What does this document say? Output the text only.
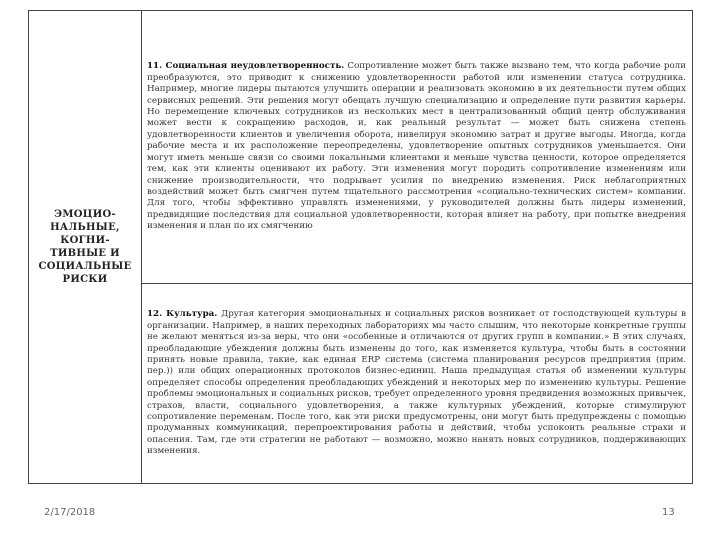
ЭМОЦИО-
НАЛЬНЫЕ,
КОГНИ-
ТИВНЫЕ И
СОЦИАЛЬНЫЕ
РИСКИ

11. Социальная неудовлетворенность. Сопротивление может быть также вызвано тем, что когда рабочие роли преобразуются, это приводит к снижению удовлетворенности работой или изменении статуса сотрудника. Например, многие лидеры пытаются улучшить операции и реализовать экономию в их деятельности путем общих сервисных решений. Эти решения могут обещать лучшую специализацию и определение пути развития карьеры. Но перемещение ключевых сотрудников из нескольких мест в централизованный общий центр обслуживания может вести к сокращению расходов, и, как реальный результат — может быть снижена степень удовлетворенности клиентов и увеличения оборота, нивелируя экономию затрат и другие выгоды. Иногда, когда рабочие места и их расположение переопределены, удовлетворение опытных сотрудников уменьшается. Они могут иметь меньше связи со своими локальными клиентами и меньше чувства ценности, которое определяется тем, как эти клиенты оценивают их работу. Эти изменения могут породить сопротивление изменениям или снижение производительности, что подрывает усилия по внедрению изменения. Риск неблагоприятных воздействий может быть смягчен путем тщательного рассмотрения «социально-технических систем» компании. Для того, чтобы эффективно управлять изменениями, у руководителей должны быть лидеры изменений, предвидящие последствия для социальной удовлетворенности, которая влияет на работу, при попытке внедрения изменения и план по их смягчению

12. Культура. Другая категория эмоциональных и социальных рисков возникает от господствующей культуры в организации. Например, в наших переходных лабораториях мы часто слышим, что некоторые конкретные группы не желают меняться из-за веры, что они «особенные и отличаются от других групп в компании.» В этих случаях, преобладающие убеждения должны быть изменены до того, как изменяется культура, чтобы быть в состоянии принять новые правила, такие, как единая ERP система (система планирования ресурсов предприятия (прим. пер.)) или общих операционных протоколов бизнес-единиц. Наша предыдущая статья об изменении культуры определяет способы определения преобладающих убеждений и некоторых мер по изменению культуры. Решение проблемы эмоциональных и социальных рисков, требует определенного уровня предвидения возможных привычек, страхов, власти, социального удовлетворения, а также культурных убеждений, которые стимулируют сопротивление переменам. После того, как эти риски предусмотрены, они могут быть предупреждены с помощью продуманных коммуникаций, перепроектирования работы и действий, чтобы успокоить реальные страхи и опасения. Там, где эти стратегии не работают — возможно, можно нанять новых сотрудников, поддерживающих изменения.

2/17/2018	13
